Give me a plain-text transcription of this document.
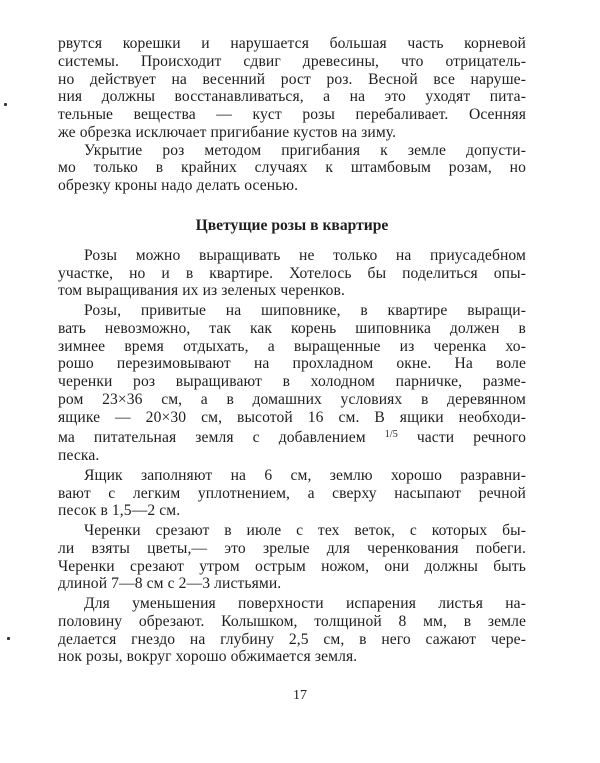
рвутся корешки и нарушается большая часть корневой
системы. Происходит сдвиг древесины, что отрицатель-
но действует на весенний рост роз. Весной все наруше-
ния должны восстанавливаться, а на это уходят пита-
тельные вещества — куст розы перебаливает. Осенняя
же обрезка исключает пригибание кустов на зиму.
Укрытие роз методом пригибания к земле допусти-
мо только в крайних случаях к штамбовым розам, но
обрезку кроны надо делать осенью.
Цветущие розы в квартире
Розы можно выращивать не только на приусадебном
участке, но и в квартире. Хотелось бы поделиться опы-
том выращивания их из зеленых черенков.
Розы, привитые на шиповнике, в квартире выращи-
вать невозможно, так как корень шиповника должен в
зимнее время отдыхать, а выращенные из черенка хо-
рошо перезимовывают на прохладном окне. На воле
черенки роз выращивают в холодном парничке, разме-
ром 23×36 см, а в домашних условиях в деревянном
ящике — 20×30 см, высотой 16 см. В ящики необходи-
ма питательная земля с добавлением $^{1/5}$ части речного
песка.
Ящик заполняют на 6 см, землю хорошо разравни-
вают с легким уплотнением, а сверху насыпают речной
песок в 1,5—2 см.
Черенки срезают в июле с тех веток, с которых бы-
ли взяты цветы,— это зрелые для черенкования побеги.
Черенки срезают утром острым ножом, они должны быть
длиной 7—8 см с 2—3 листьями.
Для уменьшения поверхности испарения листья на-
половину обрезают. Колышком, толщиной 8 мм, в земле
делается гнездо на глубину 2,5 см, в него сажают чере-
нок розы, вокруг хорошо обжимается земля.
17
